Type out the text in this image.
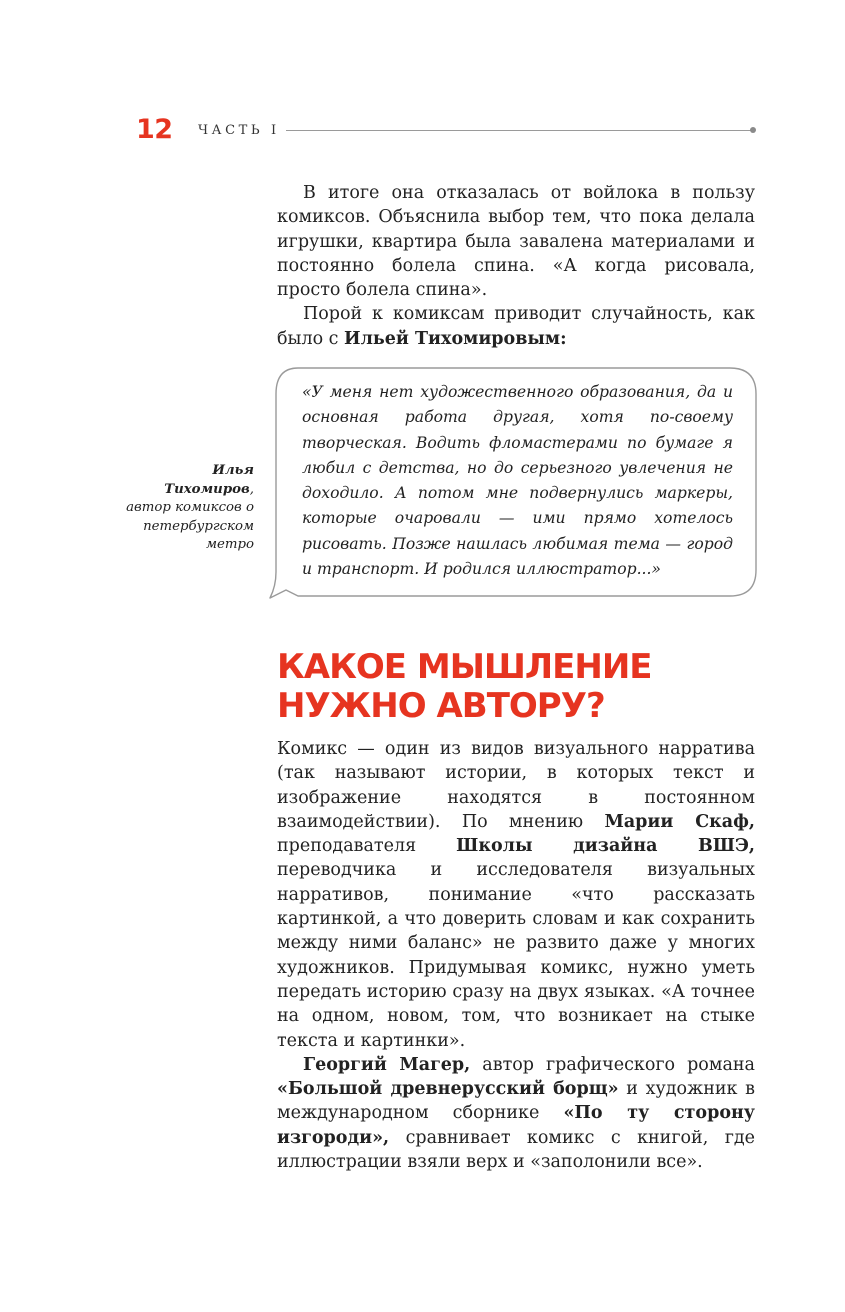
12 ЧАСТЬ I

В итоге она отказалась от войлока в пользу комиксов. Объяснила выбор тем, что пока делала игрушки, квартира была завалена материалами и постоянно болела спина. «А когда рисовала, просто болела спина».

Порой к комиксам приводит случайность, как было с Ильей Тихомировым:

«У меня нет художественного образования, да и основная работа другая, хотя по-своему творческая. Водить фломастерами по бумаге я любил с детства, но до серьезного увлечения не доходило. А потом мне подвернулись маркеры, которые очаровали — ими прямо хотелось рисовать. Позже нашлась любимая тема — город и транспорт. И родился иллюстратор...»

Илья Тихомиров, автор комиксов о петербургском метро
КАКОЕ МЫШЛЕНИЕ
НУЖНО АВТОРУ?

Комикс — один из видов визуального нарратива (так называют истории, в которых текст и изображение находятся в постоянном взаимодействии). По мнению Марии Скаф, преподавателя Школы дизайна ВШЭ, переводчика и исследователя визуальных нарративов, понимание «что рассказать картинкой, а что доверить словам и как сохранить между ними баланс» не развито даже у многих художников. Придумывая комикс, нужно уметь передать историю сразу на двух языках. «А точнее на одном, новом, том, что возникает на стыке текста и картинки».

Георгий Магер, автор графического романа «Большой древнерусский борщ» и художник в международном сборнике «По ту сторону изгороди», сравнивает комикс с книгой, где иллюстрации взяли верх и «заполонили все».
